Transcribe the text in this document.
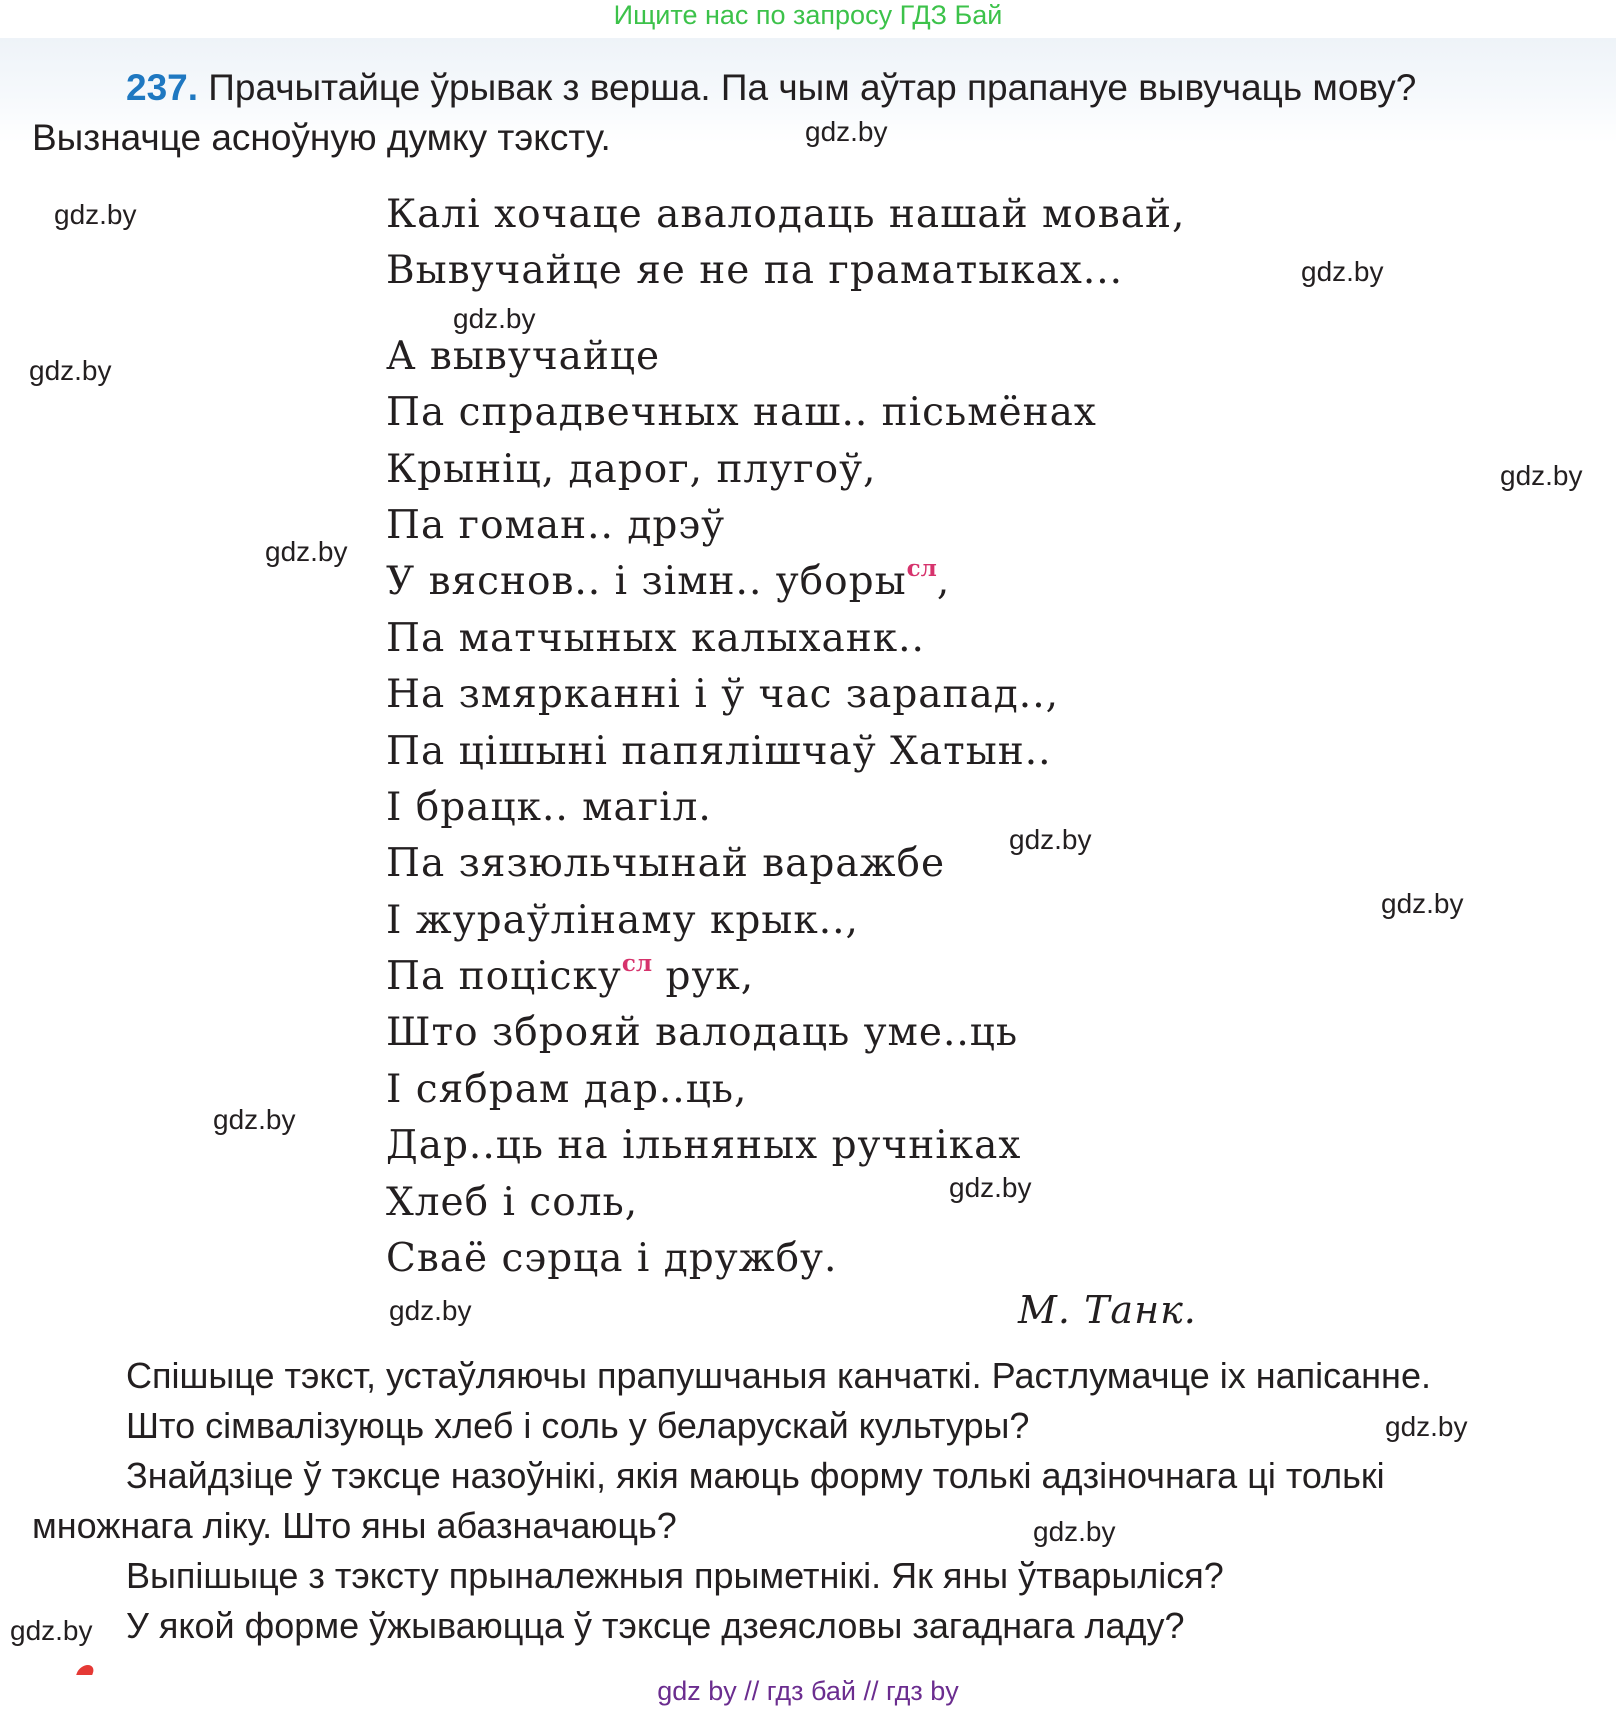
Ищите нас по запросу ГДЗ Бай
237. Прачытайце ўрывак з верша. Па чым аўтар прапануе вывучаць мову?
Вызначце асноўную думку тэксту.
Калі хочаце авалодаць нашай мовай,
Вывучайце яе не па граматыках...
А вывучайце
Па спрадвечных наш.. пісьмёнах
Крыніц, дарог, плугоў,
Па гоман.. дрэў
У вяснов.. і зімн.. уборы$^{сл}$,
Па матчыных калыханк..
На змярканні і ў час зарапад..,
Па цішыні папялішчаў Хатын..
І брацк.. магіл.
Па зязюльчынай варажбе
І жураўлінаму крык..,
Па поціску$^{сл}$ рук,
Што зброяй валодаць уме..ць
І сябрам дар..ць,
Дар..ць на ільняных ручніках
Хлеб і соль,
Сваё сэрца і дружбу.
М. Танк.
Спішыце тэкст, устаўляючы прапушчаныя канчаткі. Растлумачце іх напісанне.
Што сімвалізуюць хлеб і соль у беларускай культуры?
Знайдзіце ў тэксце назоўнікі, якія маюць форму толькі адзіночнага ці толькі
множнага ліку. Што яны абазначаюць?
Выпішыце з тэксту прыналежныя прыметнікі. Як яны ўтварыліся?
У якой форме ўжываюцца ў тэксце дзеясловы загаднага ладу?
gdz.by
gdz.by
gdz.by
gdz.by
gdz.by
gdz.by
gdz.by
gdz.by
gdz.by
gdz.by
gdz.by
gdz.by
gdz.by
gdz.by
gdz.by
gdz by // гдз бай // гдз by
